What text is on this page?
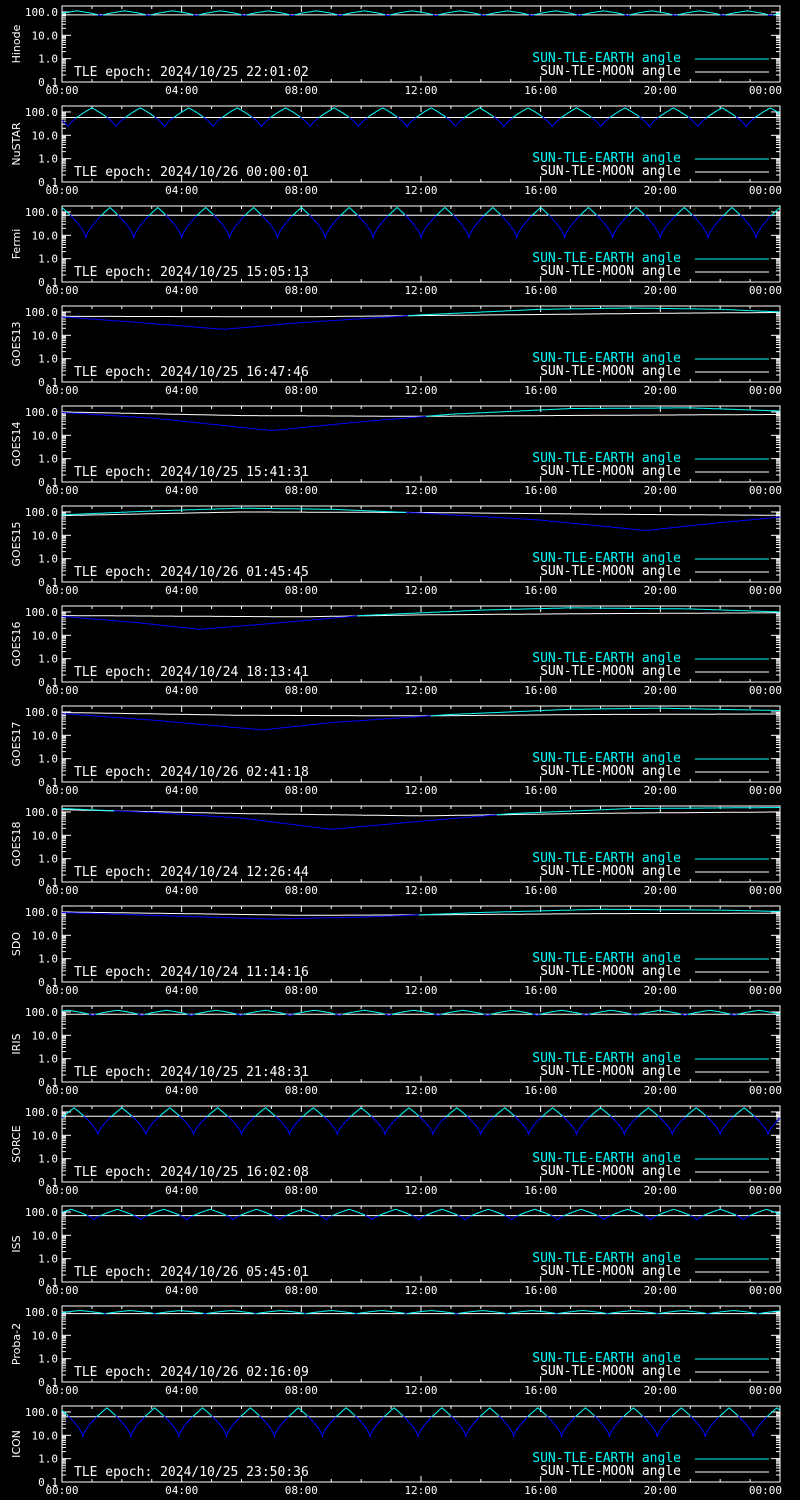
100.0
10.0
1.0
0.1
00:00	04:00	08:00	12:00	16:00	20:00	00:00
Hinode
TLE epoch: 2024/10/25 22:01:02
SUN-TLE-EARTH angle
SUN-TLE-MOON angle
100.0
10.0
1.0
0.1
00:00	04:00	08:00	12:00	16:00	20:00	00:00
NuSTAR
TLE epoch: 2024/10/26 00:00:01
SUN-TLE-EARTH angle
SUN-TLE-MOON angle
100.0
10.0
1.0
0.1
00:00	04:00	08:00	12:00	16:00	20:00	00:00
Fermi
TLE epoch: 2024/10/25 15:05:13
SUN-TLE-EARTH angle
SUN-TLE-MOON angle
100.0
10.0
1.0
0.1
00:00	04:00	08:00	12:00	16:00	20:00	00:00
GOES13
TLE epoch: 2024/10/25 16:47:46
SUN-TLE-EARTH angle
SUN-TLE-MOON angle
100.0
10.0
1.0
0.1
00:00	04:00	08:00	12:00	16:00	20:00	00:00
GOES14
TLE epoch: 2024/10/25 15:41:31
SUN-TLE-EARTH angle
SUN-TLE-MOON angle
100.0
10.0
1.0
0.1
00:00	04:00	08:00	12:00	16:00	20:00	00:00
GOES15
TLE epoch: 2024/10/26 01:45:45
SUN-TLE-EARTH angle
SUN-TLE-MOON angle
100.0
10.0
1.0
0.1
00:00	04:00	08:00	12:00	16:00	20:00	00:00
GOES16
TLE epoch: 2024/10/24 18:13:41
SUN-TLE-EARTH angle
SUN-TLE-MOON angle
100.0
10.0
1.0
0.1
00:00	04:00	08:00	12:00	16:00	20:00	00:00
GOES17
TLE epoch: 2024/10/26 02:41:18
SUN-TLE-EARTH angle
SUN-TLE-MOON angle
100.0
10.0
1.0
0.1
00:00	04:00	08:00	12:00	16:00	20:00	00:00
GOES18
TLE epoch: 2024/10/24 12:26:44
SUN-TLE-EARTH angle
SUN-TLE-MOON angle
100.0
10.0
1.0
0.1
00:00	04:00	08:00	12:00	16:00	20:00	00:00
SDO
TLE epoch: 2024/10/24 11:14:16
SUN-TLE-EARTH angle
SUN-TLE-MOON angle
100.0
10.0
1.0
0.1
00:00	04:00	08:00	12:00	16:00	20:00	00:00
IRIS
TLE epoch: 2024/10/25 21:48:31
SUN-TLE-EARTH angle
SUN-TLE-MOON angle
100.0
10.0
1.0
0.1
00:00	04:00	08:00	12:00	16:00	20:00	00:00
SORCE
TLE epoch: 2024/10/25 16:02:08
SUN-TLE-EARTH angle
SUN-TLE-MOON angle
100.0
10.0
1.0
0.1
00:00	04:00	08:00	12:00	16:00	20:00	00:00
ISS
TLE epoch: 2024/10/26 05:45:01
SUN-TLE-EARTH angle
SUN-TLE-MOON angle
100.0
10.0
1.0
0.1
00:00	04:00	08:00	12:00	16:00	20:00	00:00
Proba-2
TLE epoch: 2024/10/26 02:16:09
SUN-TLE-EARTH angle
SUN-TLE-MOON angle
100.0
10.0
1.0
0.1
00:00	04:00	08:00	12:00	16:00	20:00	00:00
ICON
TLE epoch: 2024/10/25 23:50:36
SUN-TLE-EARTH angle
SUN-TLE-MOON angle
